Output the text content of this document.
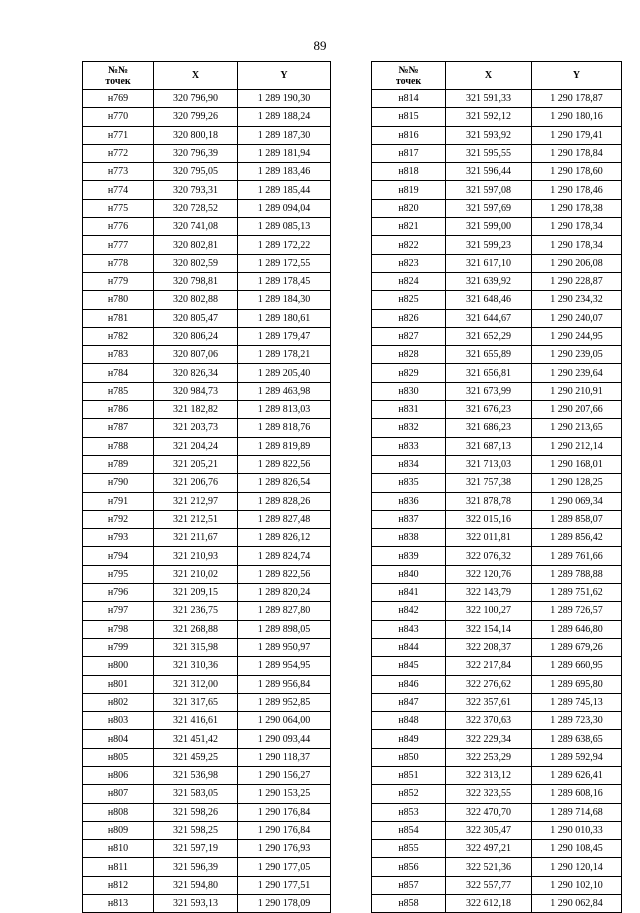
89
№№
точек	X	Y
н769	320 796,90	1 289 190,30
н770	320 799,26	1 289 188,24
н771	320 800,18	1 289 187,30
н772	320 796,39	1 289 181,94
н773	320 795,05	1 289 183,46
н774	320 793,31	1 289 185,44
н775	320 728,52	1 289 094,04
н776	320 741,08	1 289 085,13
н777	320 802,81	1 289 172,22
н778	320 802,59	1 289 172,55
н779	320 798,81	1 289 178,45
н780	320 802,88	1 289 184,30
н781	320 805,47	1 289 180,61
н782	320 806,24	1 289 179,47
н783	320 807,06	1 289 178,21
н784	320 826,34	1 289 205,40
н785	320 984,73	1 289 463,98
н786	321 182,82	1 289 813,03
н787	321 203,73	1 289 818,76
н788	321 204,24	1 289 819,89
н789	321 205,21	1 289 822,56
н790	321 206,76	1 289 826,54
н791	321 212,97	1 289 828,26
н792	321 212,51	1 289 827,48
н793	321 211,67	1 289 826,12
н794	321 210,93	1 289 824,74
н795	321 210,02	1 289 822,56
н796	321 209,15	1 289 820,24
н797	321 236,75	1 289 827,80
н798	321 268,88	1 289 898,05
н799	321 315,98	1 289 950,97
н800	321 310,36	1 289 954,95
н801	321 312,00	1 289 956,84
н802	321 317,65	1 289 952,85
н803	321 416,61	1 290 064,00
н804	321 451,42	1 290 093,44
н805	321 459,25	1 290 118,37
н806	321 536,98	1 290 156,27
н807	321 583,05	1 290 153,25
н808	321 598,26	1 290 176,84
н809	321 598,25	1 290 176,84
н810	321 597,19	1 290 176,93
н811	321 596,39	1 290 177,05
н812	321 594,80	1 290 177,51
н813	321 593,13	1 290 178,09
№№
точек	X	Y
н814	321 591,33	1 290 178,87
н815	321 592,12	1 290 180,16
н816	321 593,92	1 290 179,41
н817	321 595,55	1 290 178,84
н818	321 596,44	1 290 178,60
н819	321 597,08	1 290 178,46
н820	321 597,69	1 290 178,38
н821	321 599,00	1 290 178,34
н822	321 599,23	1 290 178,34
н823	321 617,10	1 290 206,08
н824	321 639,92	1 290 228,87
н825	321 648,46	1 290 234,32
н826	321 644,67	1 290 240,07
н827	321 652,29	1 290 244,95
н828	321 655,89	1 290 239,05
н829	321 656,81	1 290 239,64
н830	321 673,99	1 290 210,91
н831	321 676,23	1 290 207,66
н832	321 686,23	1 290 213,65
н833	321 687,13	1 290 212,14
н834	321 713,03	1 290 168,01
н835	321 757,38	1 290 128,25
н836	321 878,78	1 290 069,34
н837	322 015,16	1 289 858,07
н838	322 011,81	1 289 856,42
н839	322 076,32	1 289 761,66
н840	322 120,76	1 289 788,88
н841	322 143,79	1 289 751,62
н842	322 100,27	1 289 726,57
н843	322 154,14	1 289 646,80
н844	322 208,37	1 289 679,26
н845	322 217,84	1 289 660,95
н846	322 276,62	1 289 695,80
н847	322 357,61	1 289 745,13
н848	322 370,63	1 289 723,30
н849	322 229,34	1 289 638,65
н850	322 253,29	1 289 592,94
н851	322 313,12	1 289 626,41
н852	322 323,55	1 289 608,16
н853	322 470,70	1 289 714,68
н854	322 305,47	1 290 010,33
н855	322 497,21	1 290 108,45
н856	322 521,36	1 290 120,14
н857	322 557,77	1 290 102,10
н858	322 612,18	1 290 062,84
